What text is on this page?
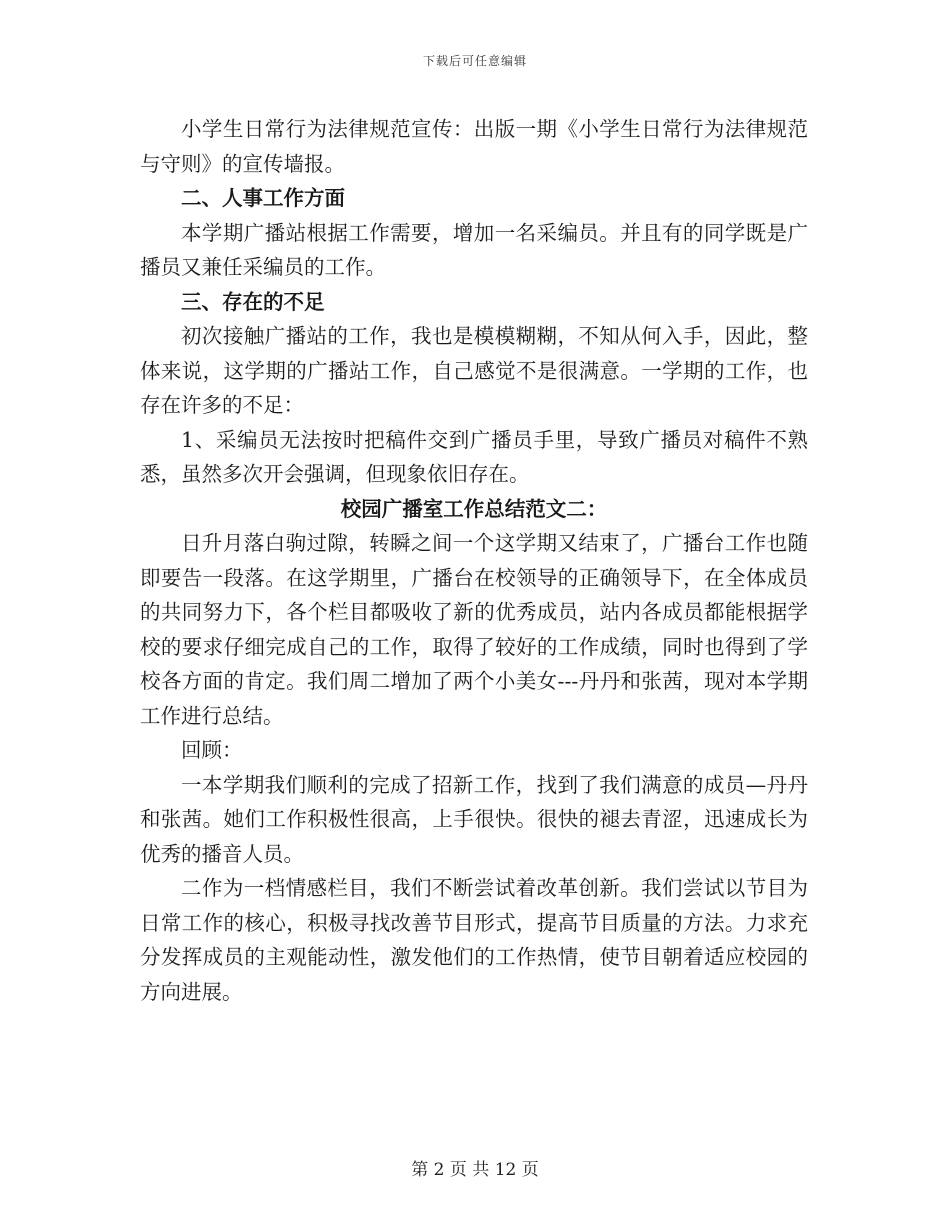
下载后可任意编辑

小学生日常行为法律规范宣传：出版一期《小学生日常行为法律规范与守则》的宣传墙报。

二、人事工作方面

本学期广播站根据工作需要，增加一名采编员。并且有的同学既是广播员又兼任采编员的工作。

三、存在的不足

初次接触广播站的工作，我也是模模糊糊，不知从何入手，因此，整体来说，这学期的广播站工作，自己感觉不是很满意。一学期的工作，也存在许多的不足：

1、采编员无法按时把稿件交到广播员手里，导致广播员对稿件不熟悉，虽然多次开会强调，但现象依旧存在。

校园广播室工作总结范文二：

日升月落白驹过隙，转瞬之间一个这学期又结束了，广播台工作也随即要告一段落。在这学期里，广播台在校领导的正确领导下，在全体成员的共同努力下，各个栏目都吸收了新的优秀成员，站内各成员都能根据学校的要求仔细完成自己的工作，取得了较好的工作成绩，同时也得到了学校各方面的肯定。我们周二增加了两个小美女---丹丹和张茜，现对本学期工作进行总结。

回顾：

一本学期我们顺利的完成了招新工作，找到了我们满意的成员—丹丹和张茜。她们工作积极性很高，上手很快。很快的褪去青涩，迅速成长为优秀的播音人员。

二作为一档情感栏目，我们不断尝试着改革创新。我们尝试以节目为日常工作的核心，积极寻找改善节目形式，提高节目质量的方法。力求充分发挥成员的主观能动性，激发他们的工作热情，使节目朝着适应校园的方向进展。

第 2 页 共 12 页
